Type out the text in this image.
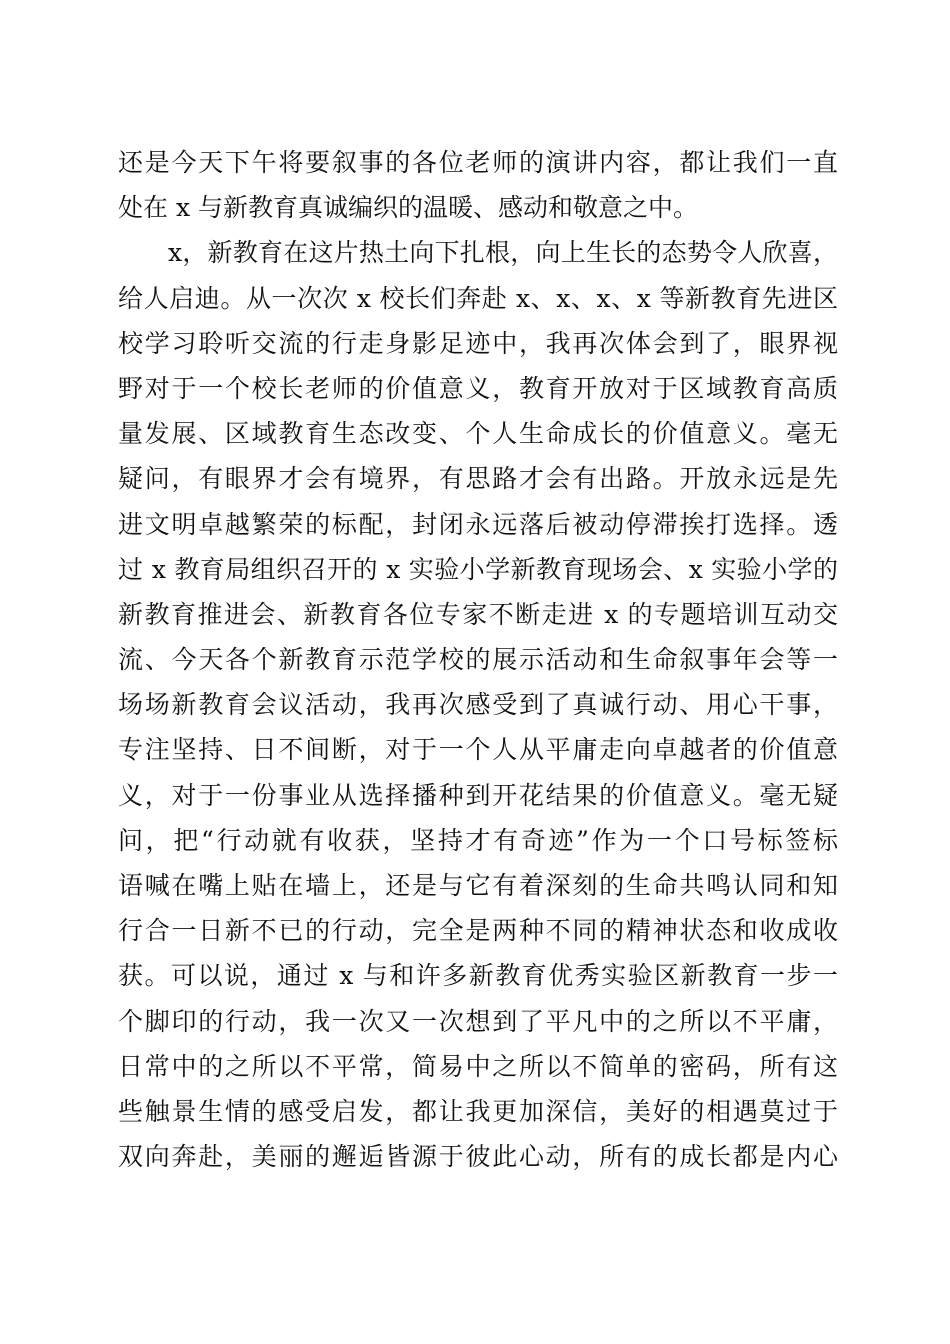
还是今天下午将要叙事的各位老师的演讲内容，都让我们一直
处在 x 与新教育真诚编织的温暖、感动和敬意之中。
x，新教育在这片热土向下扎根，向上生长的态势令人欣喜，
给人启迪。从一次次 x 校长们奔赴 x、x、x、x 等新教育先进区
校学习聆听交流的行走身影足迹中，我再次体会到了，眼界视
野对于一个校长老师的价值意义，教育开放对于区域教育高质
量发展、区域教育生态改变、个人生命成长的价值意义。毫无
疑问，有眼界才会有境界，有思路才会有出路。开放永远是先
进文明卓越繁荣的标配，封闭永远落后被动停滞挨打选择。透
过 x 教育局组织召开的 x 实验小学新教育现场会、x 实验小学的
新教育推进会、新教育各位专家不断走进 x 的专题培训互动交
流、今天各个新教育示范学校的展示活动和生命叙事年会等一
场场新教育会议活动，我再次感受到了真诚行动、用心干事，
专注坚持、日不间断，对于一个人从平庸走向卓越者的价值意
义，对于一份事业从选择播种到开花结果的价值意义。毫无疑
问，把“行动就有收获，坚持才有奇迹”作为一个口号标签标
语喊在嘴上贴在墙上，还是与它有着深刻的生命共鸣认同和知
行合一日新不已的行动，完全是两种不同的精神状态和收成收
获。可以说，通过 x 与和许多新教育优秀实验区新教育一步一
个脚印的行动，我一次又一次想到了平凡中的之所以不平庸，
日常中的之所以不平常，简易中之所以不简单的密码，所有这
些触景生情的感受启发，都让我更加深信，美好的相遇莫过于
双向奔赴，美丽的邂逅皆源于彼此心动，所有的成长都是内心
